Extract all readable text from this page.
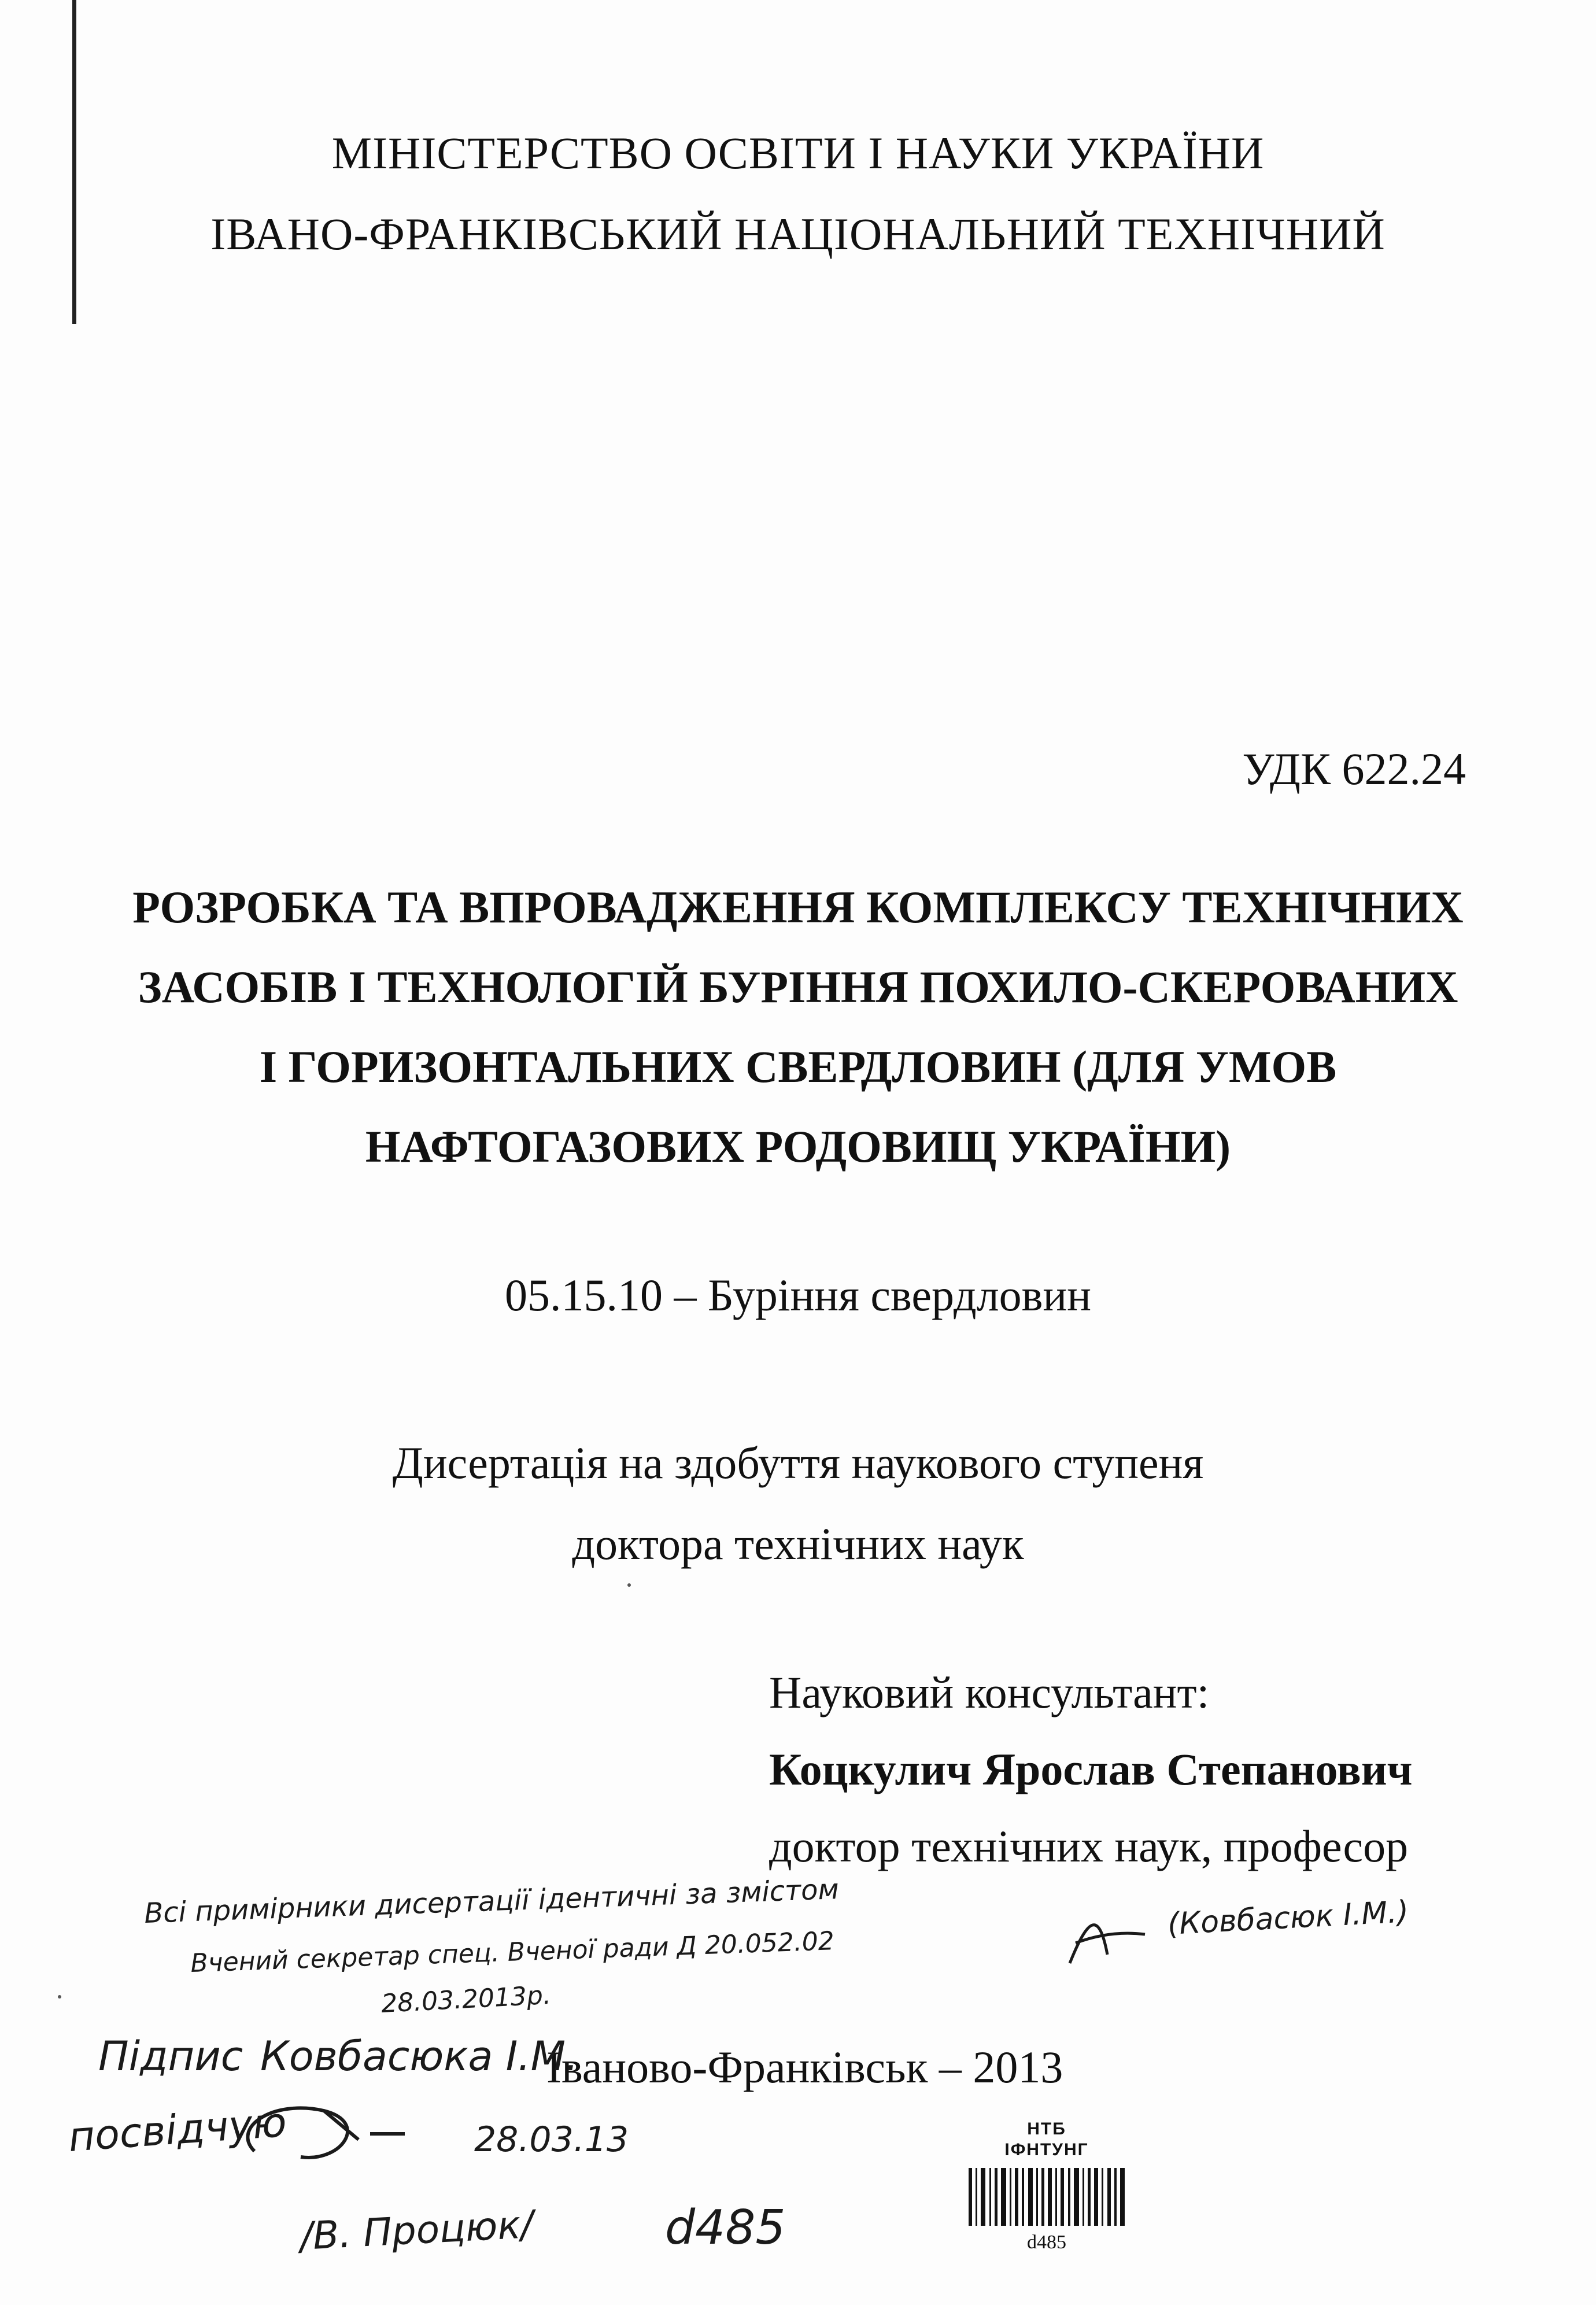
МІНІСТЕРСТВО ОСВІТИ І НАУКИ УКРАЇНИ
ІВАНО-ФРАНКІВСЬКИЙ НАЦІОНАЛЬНИЙ ТЕХНІЧНИЙ
УДК 622.24
РОЗРОБКА ТА ВПРОВАДЖЕННЯ КОМПЛЕКСУ ТЕХНІЧНИХ
ЗАСОБІВ І ТЕХНОЛОГІЙ БУРІННЯ ПОХИЛО-СКЕРОВАНИХ
І ГОРИЗОНТАЛЬНИХ СВЕРДЛОВИН (ДЛЯ УМОВ
НАФТОГАЗОВИХ РОДОВИЩ УКРАЇНИ)
05.15.10 – Буріння свердловин
Дисертація на здобуття наукового ступеня
доктора технічних наук
Науковий консультант:
Коцкулич Ярослав Степанович
доктор технічних наук, професор
Іваново-Франківськ – 2013
Всі примірники дисертації ідентичні за змістом
Вчений секретар спец. Вченої ради Д 20.052.02
(Ковбасюк І.М.)
28.03.2013р.
Підпис Ковбасюка І.М.
посвідчую	28.03.13
/В. Процюк/	d485
НТБ
ІФНТУНГ
d485
